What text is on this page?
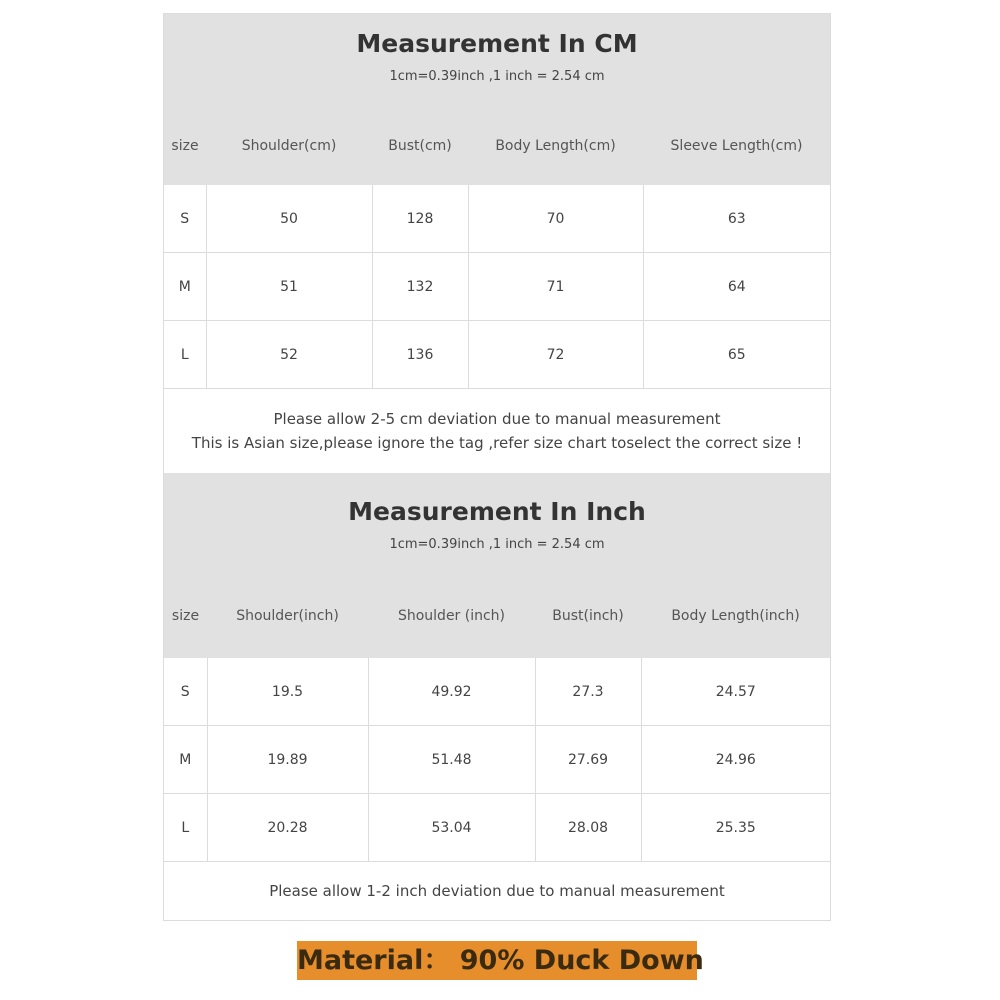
Measurement In CM
1cm=0.39inch ,1 inch = 2.54 cm
size	Shoulder(cm)	Bust(cm)	Body Length(cm)	Sleeve Length(cm)
S	50	128	70	63
M	51	132	71	64
L	52	136	72	65
Please allow 2-5 cm deviation due to manual measurement
This is Asian size,please ignore the tag ,refer size chart toselect the correct size !
Measurement In Inch
1cm=0.39inch ,1 inch = 2.54 cm
size	Shoulder(inch)	Shoulder (inch)	Bust(inch)	Body Length(inch)
S	19.5	49.92	27.3	24.57
M	19.89	51.48	27.69	24.96
L	20.28	53.04	28.08	25.35
Please allow 1-2 inch deviation due to manual measurement
Material： 90% Duck Down
